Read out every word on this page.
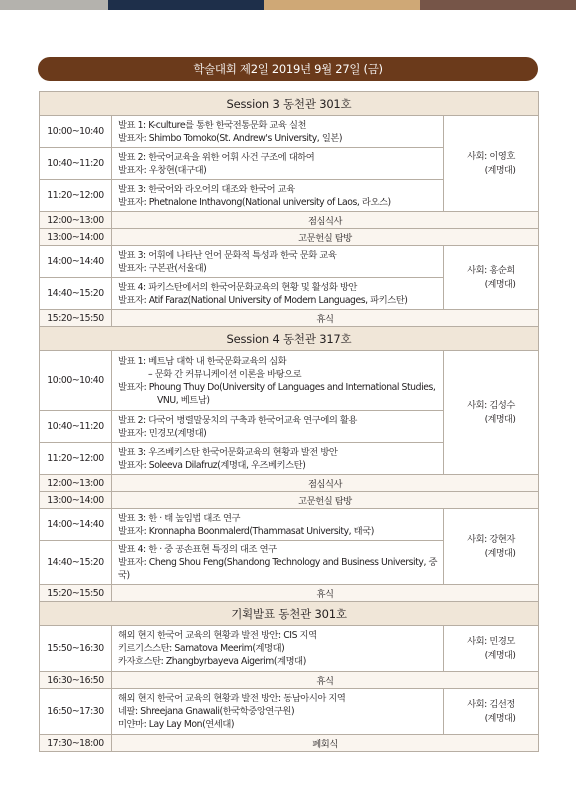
학술대회 제2일 2019년 9월 27일 (금)
Session 3 동천관 301호		
10:00~10:40	발표 1: K-culture를 통한 한국전통문화 교육 실천
발표자: Shimbo Tomoko(St. Andrew's University, 일본)	사회: 이영호
(계명대)

10:40~11:20	발표 2: 한국어교육을 위한 어휘 사건 구조에 대하여
발표자: 우창현(대구대)	

11:20~12:00	발표 3: 한국어와 라오어의 대조와 한국어 교육
발표자: Phetnalone Inthavong(National university of Laos, 라오스)	

12:00~13:00	점심식사	
13:00~14:00	고문헌실 탐방	
14:00~14:40	발표 3: 어휘에 나타난 언어 문화적 특성과 한국 문화 교육
발표자: 구본관(서울대)	사회: 홍순희
(계명대)

14:40~15:20	발표 4: 파키스탄에서의 한국어문화교육의 현황 및 활성화 방안
발표자: Atif Faraz(National University of Modern Languages, 파키스탄)	

15:20~15:50	휴식	
Session 4 동천관 317호		
10:00~10:40	발표 1: 베트남 대학 내 한국문화교육의 심화
– 문화 간 커뮤니케이션 이론을 바탕으로
발표자: Phoung Thuy Do(University of Languages and International Studies,
VNU, 베트남)	사회: 김성수
(계명대)

10:40~11:20	발표 2: 다국어 병렬말뭉치의 구축과 한국어교육 연구에의 활용
발표자: 민경모(계명대)	

11:20~12:00	발표 3: 우즈베키스탄 한국어문화교육의 현황과 발전 방안
발표자: Soleeva Dilafruz(계명대, 우즈베키스탄)	

12:00~13:00	점심식사	
13:00~14:00	고문헌실 탐방	
14:00~14:40	발표 3: 한 · 태 높임법 대조 연구
발표자: Kronnapha Boonmalerd(Thammasat University, 태국)	사회: 강현자
(계명대)

14:40~15:20	발표 4: 한 · 중 공손표현 특징의 대조 연구
발표자: Cheng Shou Feng(Shandong Technology and Business University, 중국)	

15:20~15:50	휴식	
기획발표 동천관 301호		
15:50~16:30	해외 현지 한국어 교육의 현황과 발전 방안: CIS 지역
키르기스스탄: Samatova Meerim(계명대)
카자흐스탄: Zhangbyrbayeva Aigerim(계명대)	사회: 민경모
(계명대)

16:30~16:50	휴식	
16:50~17:30	해외 현지 한국어 교육의 현황과 발전 방안: 동남아시아 지역
네팔: Shreejana Gnawali(한국학중앙연구원)
미얀마: Lay Lay Mon(연세대)	사회: 김선정
(계명대)

17:30~18:00	폐회식	
